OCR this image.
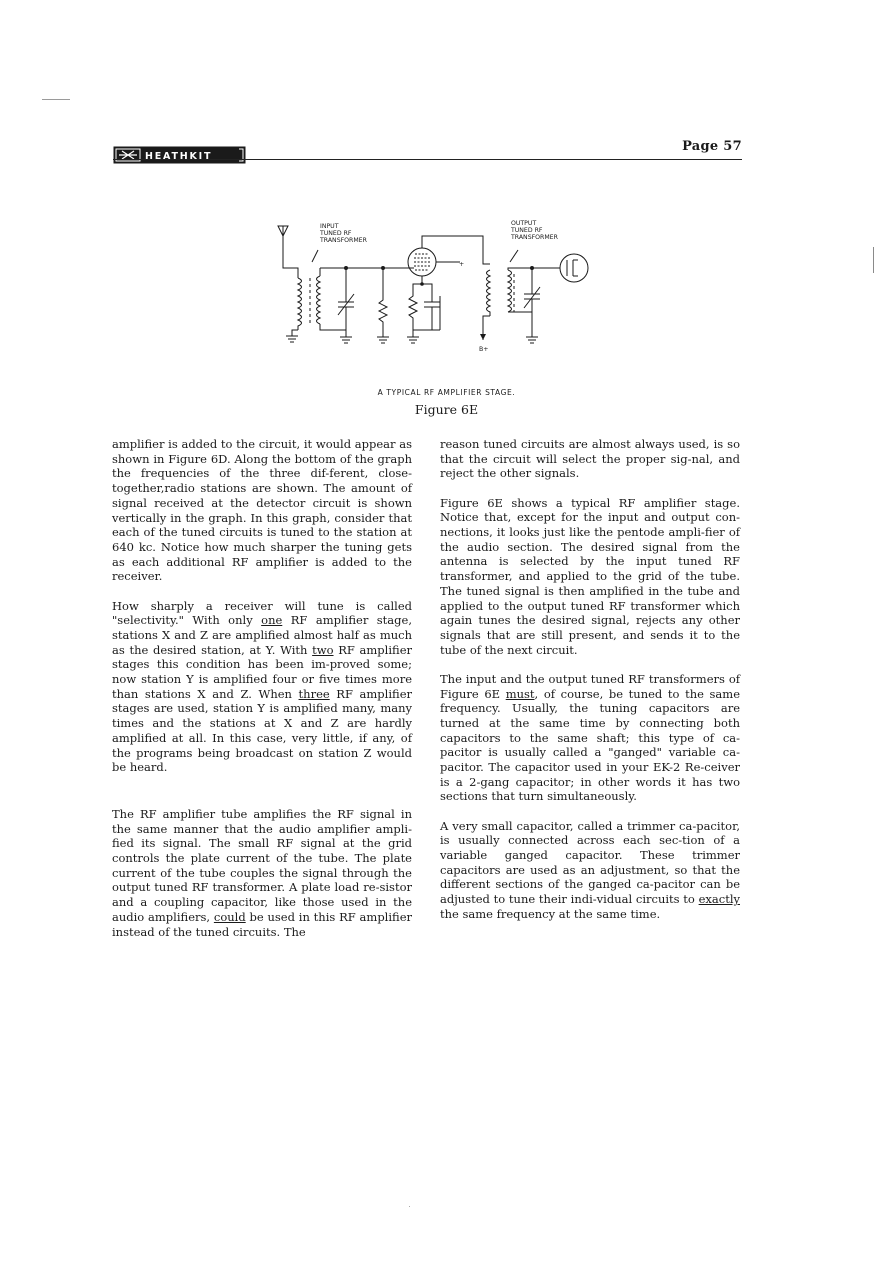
HEATHKIT
Page 57
INPUT
TUNED RF
TRANSFORMER
OUTPUT
TUNED RF
TRANSFORMER
+
B+
A TYPICAL RF AMPLIFIER STAGE.
Figure 6E

amplifier is added to the circuit, it would appear as shown in Figure 6D. Along the bottom of the graph the frequencies of the three dif-ferent, close-together,radio stations are shown. The amount of signal received at the detector circuit is shown vertically in the graph. In this graph, consider that each of the tuned circuits is tuned to the station at 640 kc. Notice how much sharper the tuning gets as each additional RF amplifier is added to the receiver.

How sharply a receiver will tune is called "selectivity." With only one RF amplifier stage, stations X and Z are amplified almost half as much as the desired station, at Y. With two RF amplifier stages this condition has been im-proved some; now station Y is amplified four or five times more than stations X and Z. When three RF amplifier stages are used, station Y is amplified many, many times and the stations at X and Z are hardly amplified at all. In this case, very little, if any, of the programs being broadcast on station Z would be heard.

The RF amplifier tube amplifies the RF signal in the same manner that the audio amplifier ampli-fied its signal. The small RF signal at the grid controls the plate current of the tube. The plate current of the tube couples the signal through the output tuned RF transformer. A plate load re-sistor and a coupling capacitor, like those used in the audio amplifiers, could be used in this RF amplifier instead of the tuned circuits. The

reason tuned circuits are almost always used, is so that the circuit will select the proper sig-nal, and reject the other signals.

Figure 6E shows a typical RF amplifier stage. Notice that, except for the input and output con-nections, it looks just like the pentode ampli-fier of the audio section. The desired signal from the antenna is selected by the input tuned RF transformer, and applied to the grid of the tube. The tuned signal is then amplified in the tube and applied to the output tuned RF transformer which again tunes the desired signal, rejects any other signals that are still present, and sends it to the tube of the next circuit.

The input and the output tuned RF transformers of Figure 6E must, of course, be tuned to the same frequency. Usually, the tuning capacitors are turned at the same time by connecting both capacitors to the same shaft; this type of ca-pacitor is usually called a "ganged" variable ca-pacitor. The capacitor used in your EK-2 Re-ceiver is a 2-gang capacitor; in other words it has two sections that turn simultaneously.

A very small capacitor, called a trimmer ca-pacitor, is usually connected across each sec-tion of a variable ganged capacitor. These trimmer capacitors are used as an adjustment, so that the different sections of the ganged ca-pacitor can be adjusted to tune their indi-vidual circuits to exactly the same frequency at the same time.
